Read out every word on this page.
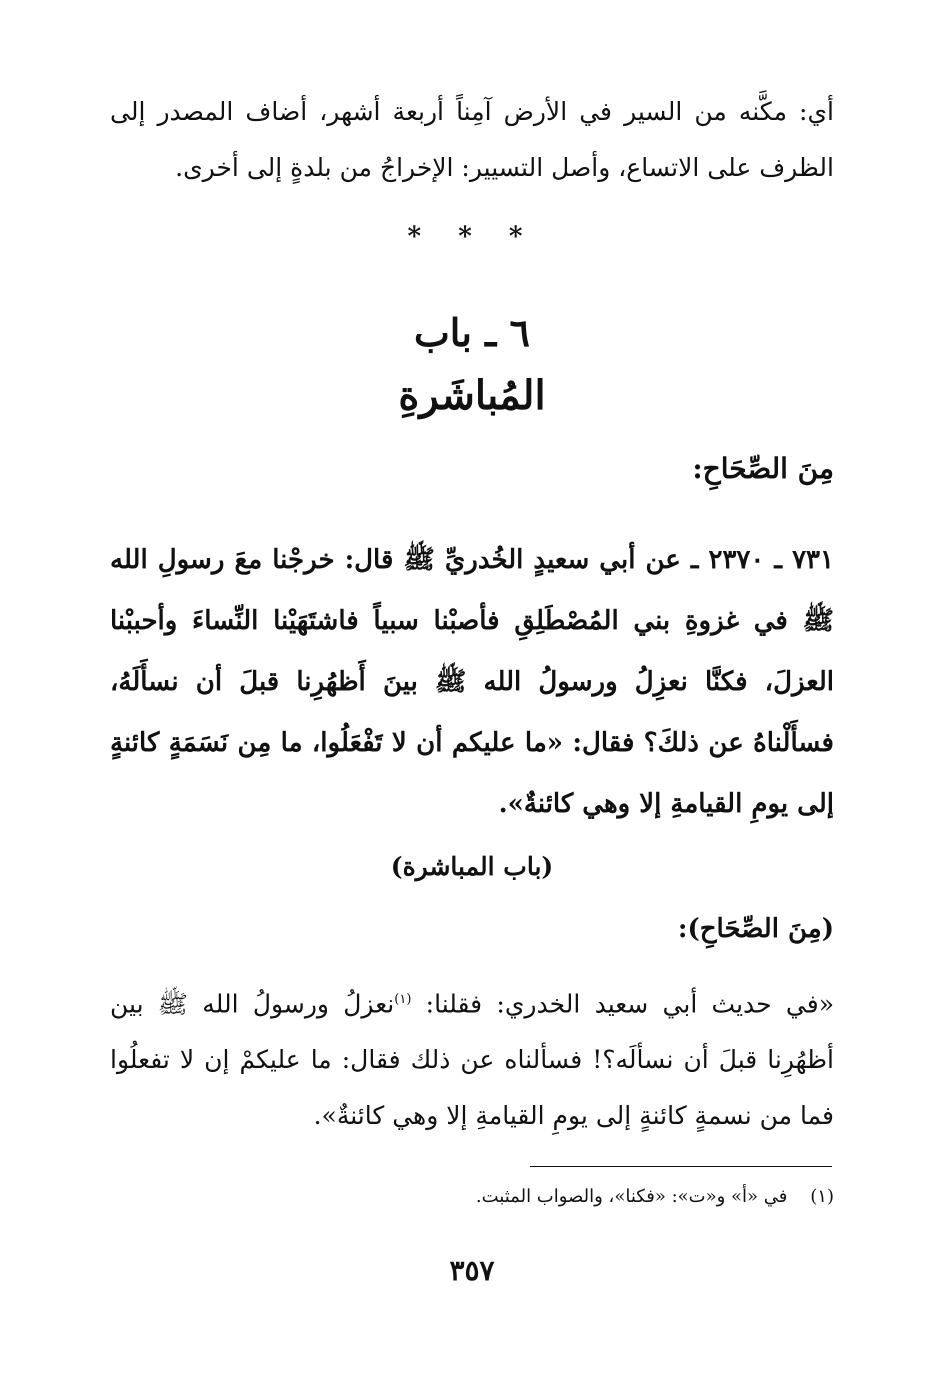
أي: مكَّنه من السير في الأرض آمِناً أربعة أشهر، أضاف المصدر إلى الظرف على الاتساع، وأصل التسيير: الإخراجُ من بلدةٍ إلى أخرى.

* * *
٦ ـ باب
المُباشَرةِ
مِنَ الصِّحَاحِ:

٧٣١ ـ ٢٣٧٠ ـ عن أبي سعيدٍ الخُدريِّ ﷺ قال: خرجْنا معَ رسولِ الله ﷺ في غزوةِ بني المُصْطَلِقِ فأصبْنا سبياً فاشتَهَيْنا النِّساءَ وأحببْنا العزلَ، فكنَّا نعزِلُ ورسولُ الله ﷺ بينَ أَظهُرِنا قبلَ أن نسأَلَهُ، فسأَلْناهُ عن ذلكَ؟ فقال: «ما عليكم أن لا تَفْعَلُوا، ما مِن نَسَمَةٍ كائنةٍ إلى يومِ القيامةِ إلا وهي كائنةٌ».

(باب المباشرة)
(مِنَ الصِّحَاحِ):

«في حديث أبي سعيد الخدري: فقلنا: $^{(١)}$نعزلُ ورسولُ الله ﷺ بين أظهُرِنا قبلَ أن نسألَه؟! فسألناه عن ذلك فقال: ما عليكمْ إن لا تفعلُوا فما من نسمةٍ كائنةٍ إلى يومِ القيامةِ إلا وهي كائنةٌ».

(١)    في «أ» و«ت»: «فكنا»، والصواب المثبت.
٣٥٧
